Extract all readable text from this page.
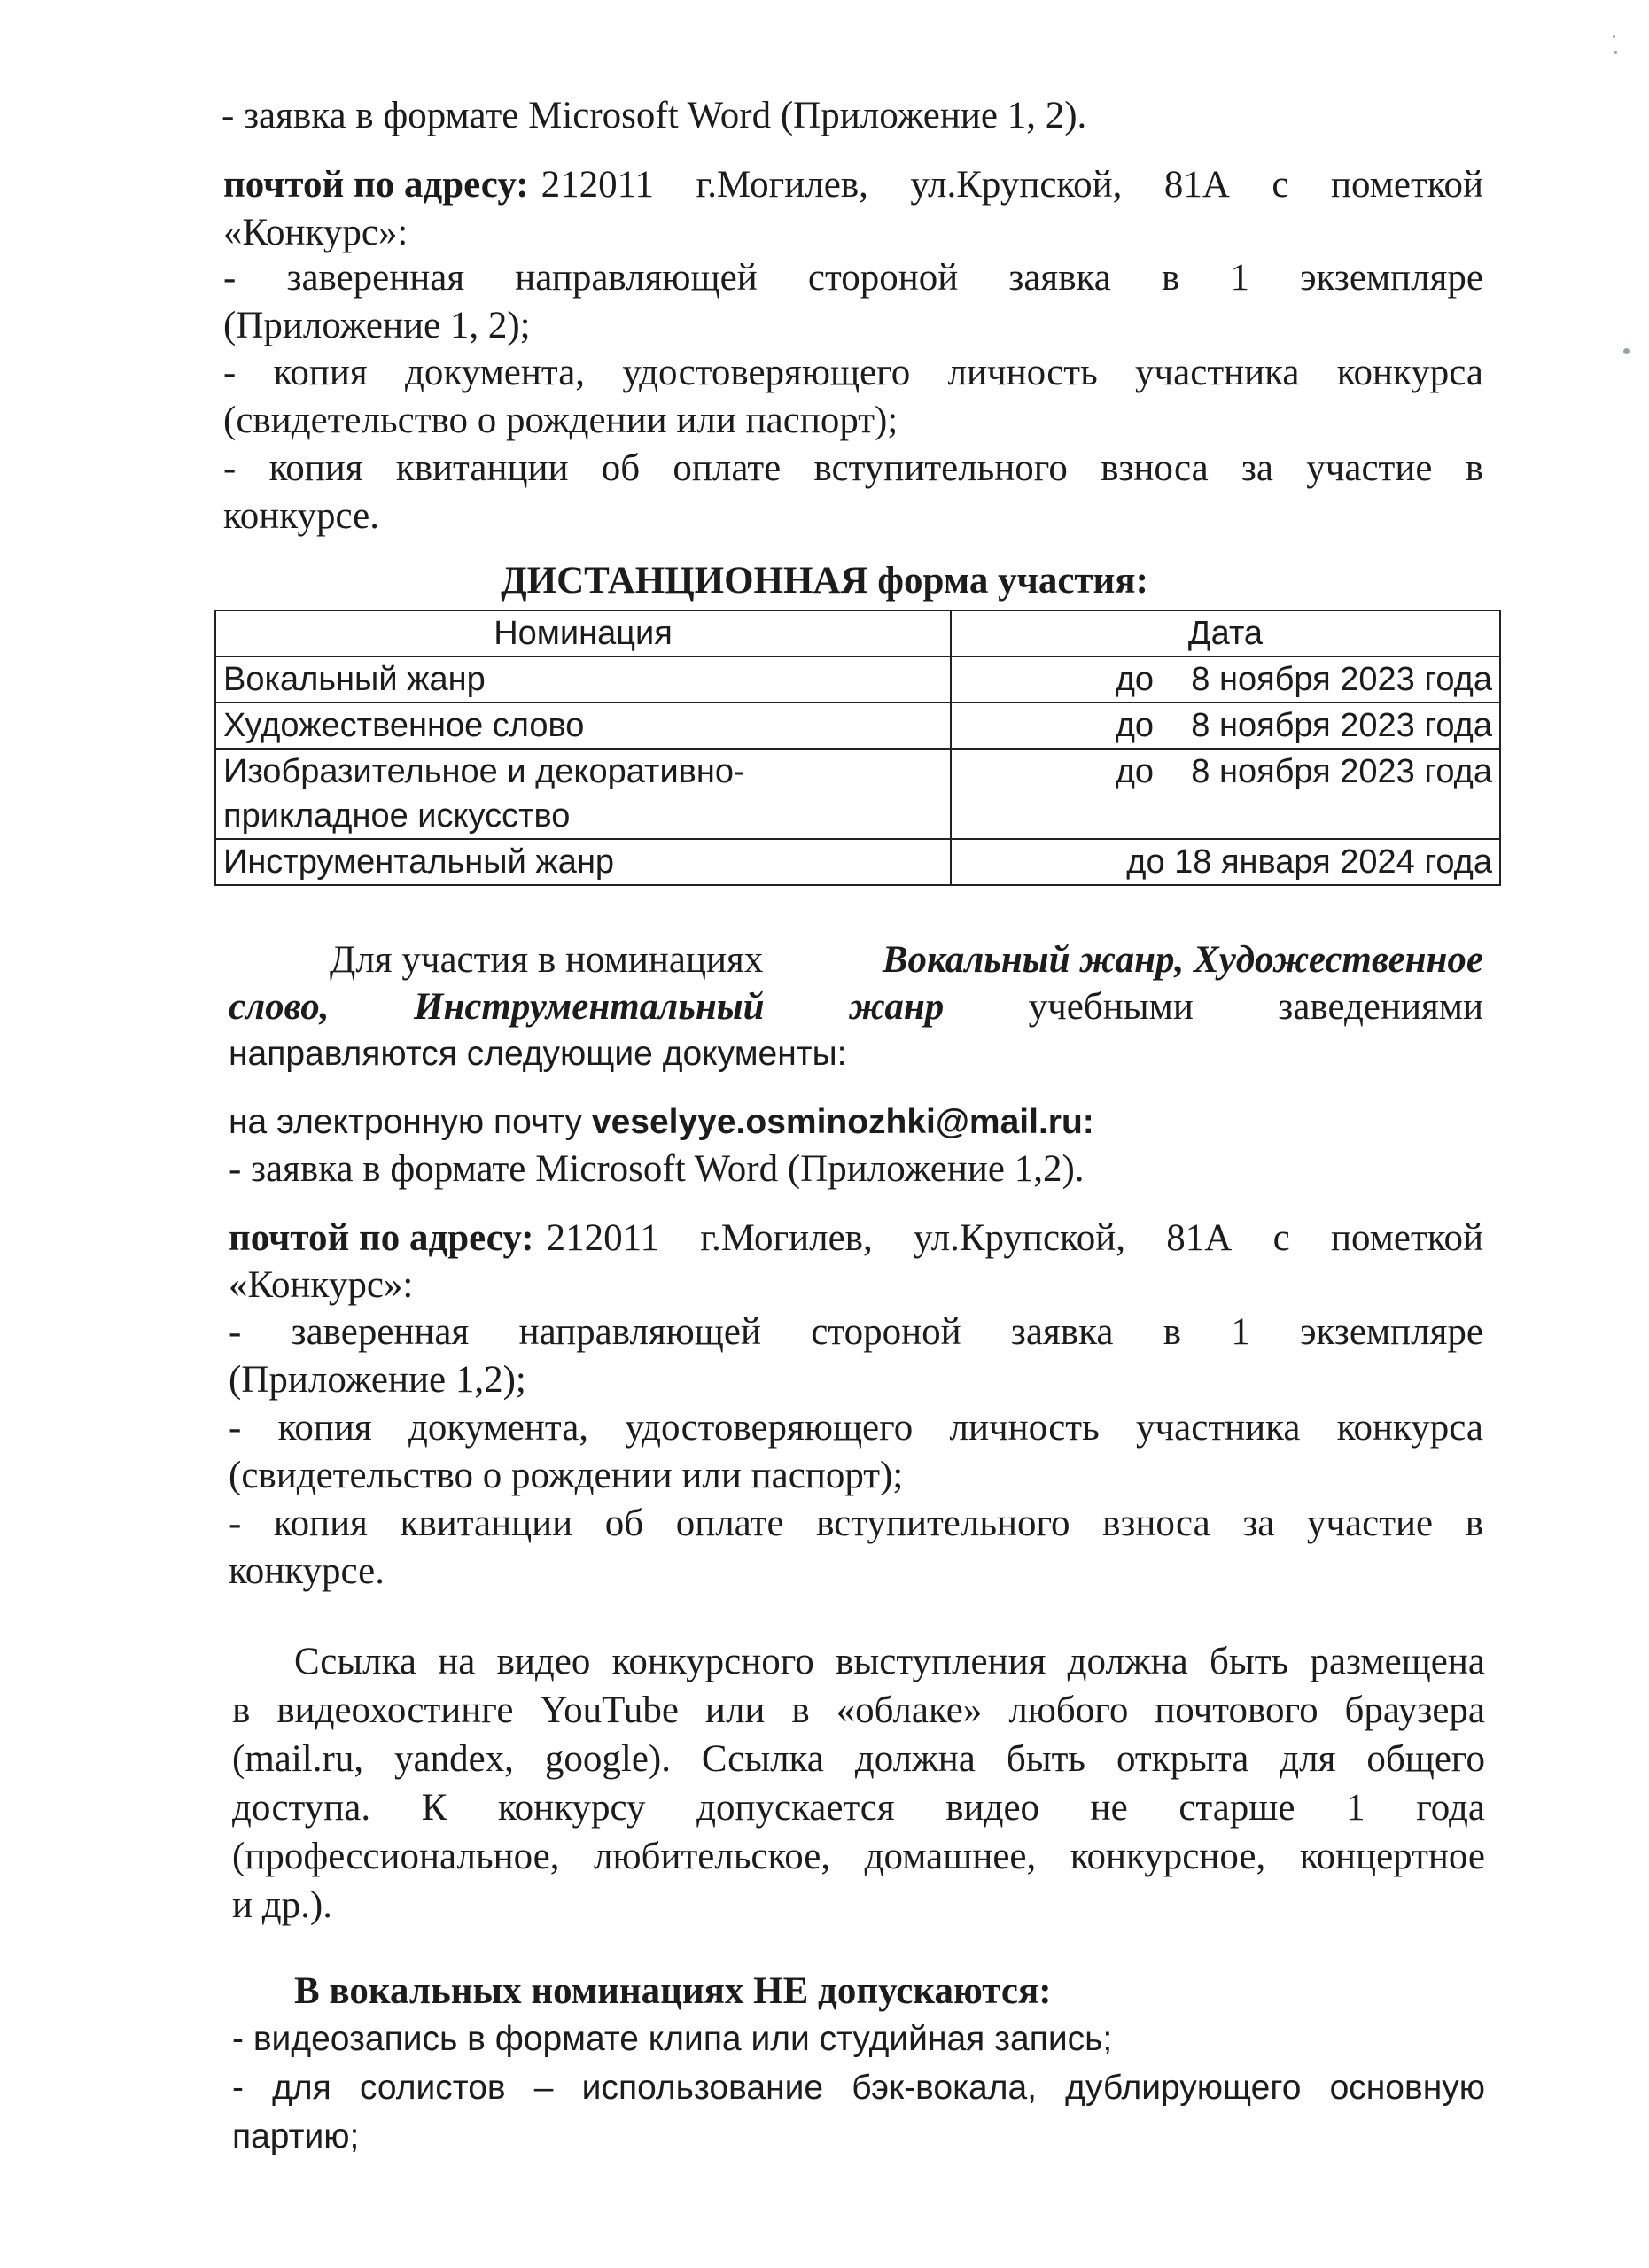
- заявка в формате Microsoft Word (Приложение 1, 2).
почтой по адресу: 212011 г.Могилев, ул.Крупской, 81А с пометкой
«Конкурс»:
- заверенная направляющей стороной заявка в 1 экземпляре
(Приложение 1, 2);
- копия документа, удостоверяющего личность участника конкурса
(свидетельство о рождении или паспорт);
- копия квитанции об оплате вступительного взноса за участие в
конкурсе.
ДИСТАНЦИОННАЯ форма участия:
Номинация	Дата
Вокальный жанр	до    8 ноября 2023 года
Художественное слово	до    8 ноября 2023 года

Изобразительное и декоративно-
прикладное искусство	до    8 ноября 2023 года
Инструментальный жанр	до 18 января 2024 года
Для участия в номинациях	Вокальный жанр, Художественное
слово, Инструментальный жанр учебными заведениями
направляются следующие документы:
на электронную почту veselyye.osminozhki@mail.ru:
- заявка в формате Microsoft Word (Приложение 1,2).
почтой по адресу: 212011 г.Могилев, ул.Крупской, 81А с пометкой
«Конкурс»:
- заверенная направляющей стороной заявка в 1 экземпляре
(Приложение 1,2);
- копия документа, удостоверяющего личность участника конкурса
(свидетельство о рождении или паспорт);
- копия квитанции об оплате вступительного взноса за участие в
конкурсе.
Ссылка на видео конкурсного выступления должна быть размещена
в видеохостинге YouTube или в «облаке» любого почтового браузера
(mail.ru, yandex, google). Ссылка должна быть открыта для общего
доступа. К конкурсу допускается видео не старше 1 года
(профессиональное, любительское, домашнее, конкурсное, концертное
и др.).
В вокальных номинациях НЕ допускаются:
- видеозапись в формате клипа или студийная запись;
- для солистов – использование бэк-вокала, дублирующего основную
партию;
